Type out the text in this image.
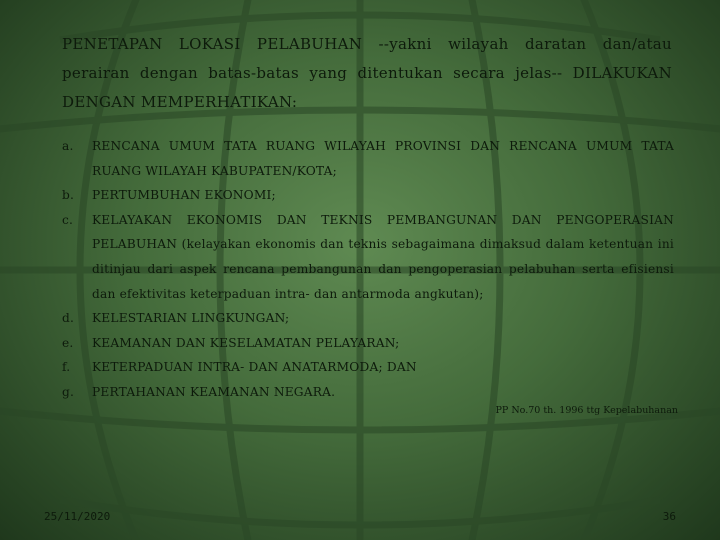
PENETAPAN LOKASI PELABUHAN --yakni wilayah daratan dan/atau perairan dengan batas-batas yang ditentukan secara jelas-- DILAKUKAN DENGAN MEMPERHATIKAN:
a.	RENCANA UMUM TATA RUANG WILAYAH PROVINSI DAN RENCANA UMUM TATA RUANG WILAYAH KABUPATEN/KOTA;
b.	PERTUMBUHAN EKONOMI;
c.	KELAYAKAN EKONOMIS DAN TEKNIS PEMBANGUNAN DAN PENGOPERASIAN PELABUHAN (kelayakan ekonomis dan teknis sebagaimana dimaksud dalam ketentuan ini ditinjau dari aspek rencana pembangunan dan pengoperasian pelabuhan serta efisiensi dan efektivitas keterpaduan intra- dan antarmoda angkutan);
d.	KELESTARIAN LINGKUNGAN;
e.	KEAMANAN DAN KESELAMATAN PELAYARAN;
f.	KETERPADUAN INTRA- DAN ANATARMODA; DAN
g.	PERTAHANAN KEAMANAN NEGARA.
PP No.70 th. 1996 ttg Kepelabuhanan
25/11/2020	36
